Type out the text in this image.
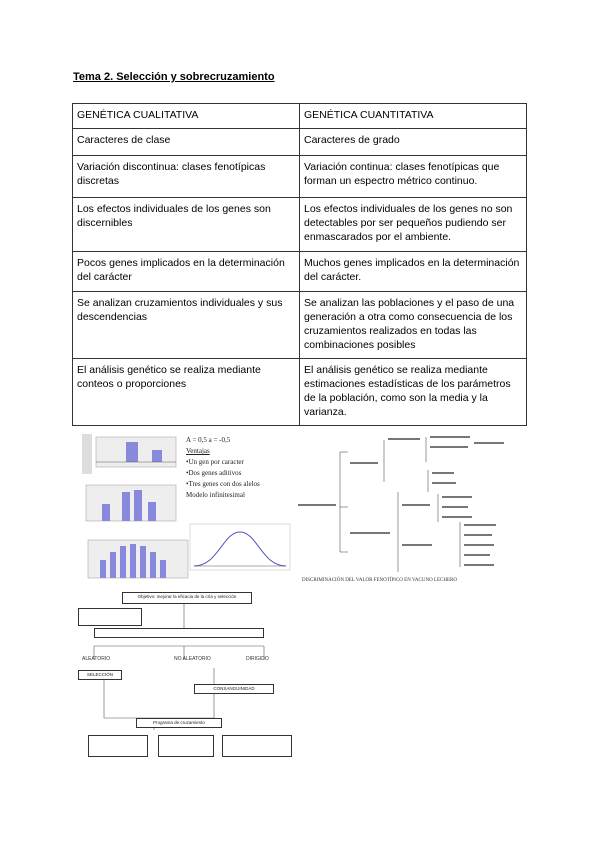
Tema 2. Selección y sobrecruzamiento
GENÉTICA CUALITATIVA	GENÉTICA CUANTITATIVA
Caracteres de clase	Caracteres de grado
Variación discontinua: clases fenotípicas discretas	Variación continua: clases fenotípicas que forman un espectro métrico continuo.
Los efectos individuales de los genes son discernibles	Los efectos individuales de los genes no son detectables por ser pequeños pudiendo ser enmascarados por el ambiente.
Pocos genes implicados en la determinación del carácter	Muchos genes implicados en la determinación del carácter.
Se analizan cruzamientos individuales y sus descendencias	Se analizan las poblaciones y el paso de una generación a otra como consecuencia de los cruzamientos realizados en todas las combinaciones posibles
El análisis genético se realiza mediante conteos o proporciones	El análisis genético se realiza mediante estimaciones estadísticas de los parámetros de la población, como son la media y la varianza.
A = 0,5 a = -0,5
Ventajas
•Un gen por caracter
•Dos genes aditivos
•Tres genes con dos alelos
Modelo infinitesimal
DISCRIMINACIÓN DEL VALOR FENOTÍPICO EN VACUNO LECHERO
Objetivo: mejorar la eficacia de la cría y selección
ALEATORIO	NO ALEATORIO	DIRIGIDO
SELECCIÓN
CONSANGUINIDAD
Programa de cruzamiento
